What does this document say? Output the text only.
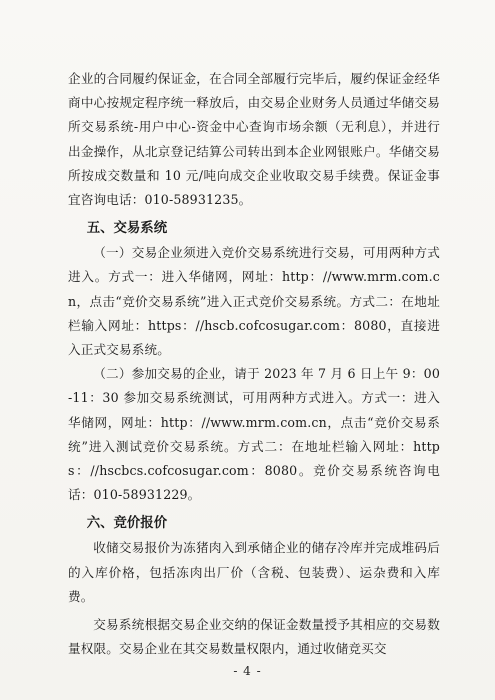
企业的合同履约保证金，在合同全部履行完毕后，履约保证金经华商中心按规定程序统一释放后，由交易企业财务人员通过华储交易所交易系统-用户中心-资金中心查询市场余额（无利息），并进行出金操作，从北京登记结算公司转出到本企业网银账户。华储交易所按成交数量和 10 元/吨向成交企业收取交易手续费。保证金事宜咨询电话：010-58931235。

五、交易系统

（一）交易企业须进入竞价交易系统进行交易，可用两种方式进入。方式一：进入华储网，网址：http：//www.mrm.com.cn，点击“竞价交易系统”进入正式竞价交易系统。方式二：在地址栏输入网址：https：//hscb.cofcosugar.com：8080，直接进入正式交易系统。

（二）参加交易的企业，请于 2023 年 7 月 6 日上午 9：00-11：30 参加交易系统测试，可用两种方式进入。方式一：进入华储网，网址：http：//www.mrm.com.cn，点击“竞价交易系统”进入测试竞价交易系统。方式二：在地址栏输入网址：https：//hscbcs.cofcosugar.com：8080。竞价交易系统咨询电话：010-58931229。

六、竞价报价

收储交易报价为冻猪肉入到承储企业的储存冷库并完成堆码后的入库价格，包括冻肉出厂价（含税、包装费）、运杂费和入库费。

交易系统根据交易企业交纳的保证金数量授予其相应的交易数量权限。交易企业在其交易数量权限内，通过收储竞买交

- 4 -
